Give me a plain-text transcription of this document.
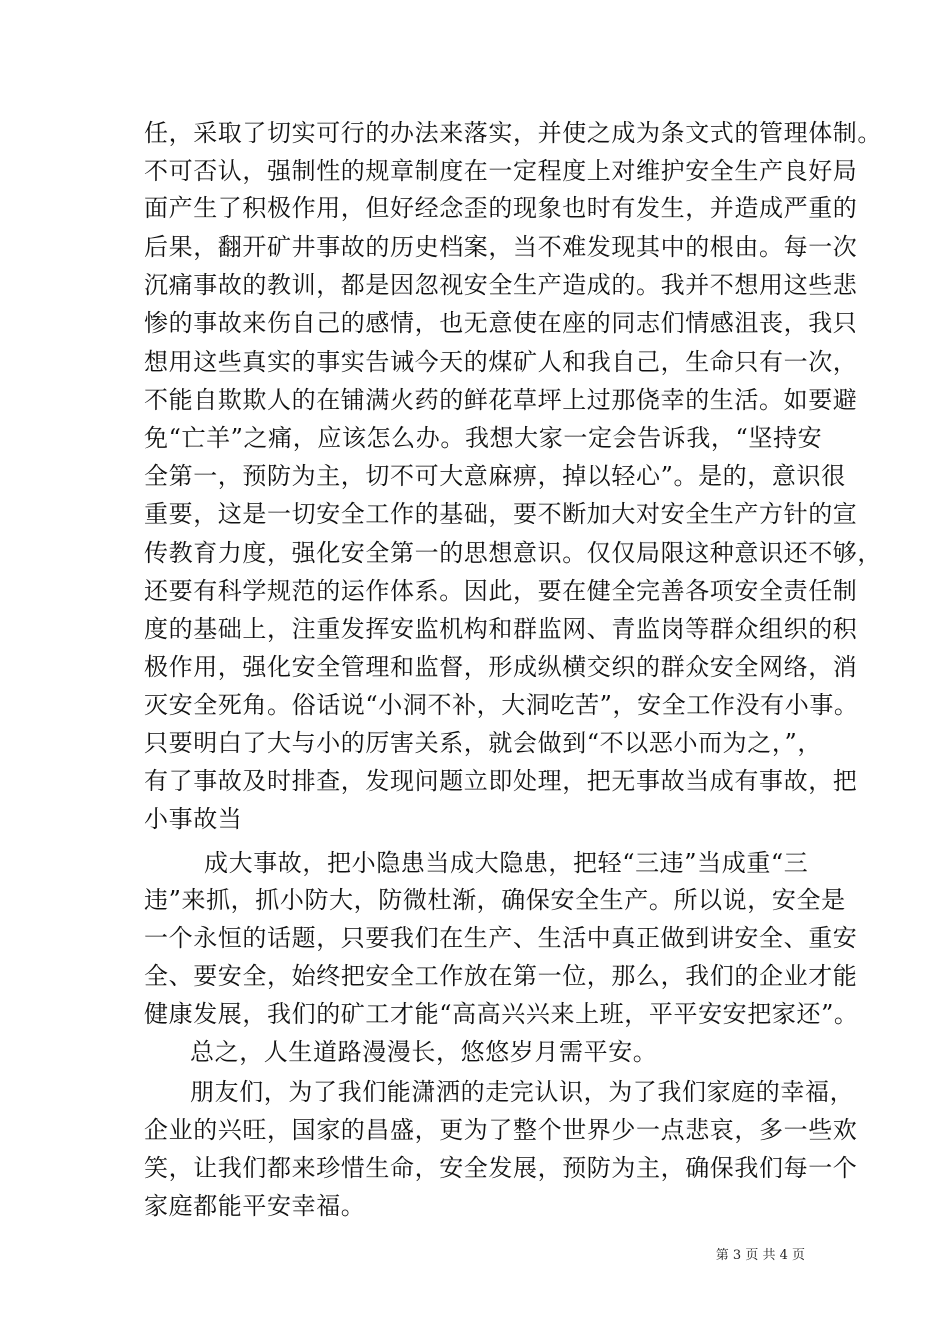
任，采取了切实可行的办法来落实，并使之成为条文式的管理体制。
不可否认，强制性的规章制度在一定程度上对维护安全生产良好局
面产生了积极作用，但好经念歪的现象也时有发生，并造成严重的
后果，翻开矿井事故的历史档案，当不难发现其中的根由。每一次
沉痛事故的教训，都是因忽视安全生产造成的。我并不想用这些悲
惨的事故来伤自己的感情，也无意使在座的同志们情感沮丧，我只
想用这些真实的事实告诫今天的煤矿人和我自己，生命只有一次，
不能自欺欺人的在铺满火药的鲜花草坪上过那侥幸的生活。如要避
免“亡羊”之痛，应该怎么办。我想大家一定会告诉我，“坚持安
全第一，预防为主，切不可大意麻痹，掉以轻心”。是的，意识很
重要，这是一切安全工作的基础，要不断加大对安全生产方针的宣
传教育力度，强化安全第一的思想意识。仅仅局限这种意识还不够，
还要有科学规范的运作体系。因此，要在健全完善各项安全责任制
度的基础上，注重发挥安监机构和群监网、青监岗等群众组织的积
极作用，强化安全管理和监督，形成纵横交织的群众安全网络，消
灭安全死角。俗话说“小洞不补，大洞吃苦”，安全工作没有小事。
只要明白了大与小的厉害关系，就会做到“不以恶小而为之，”，
有了事故及时排查，发现问题立即处理，把无事故当成有事故，把
小事故当
成大事故，把小隐患当成大隐患，把轻“三违”当成重“三
违”来抓，抓小防大，防微杜渐，确保安全生产。所以说，安全是
一个永恒的话题，只要我们在生产、生活中真正做到讲安全、重安
全、要安全，始终把安全工作放在第一位，那么，我们的企业才能
健康发展，我们的矿工才能“高高兴兴来上班，平平安安把家还”。
总之，人生道路漫漫长，悠悠岁月需平安。
朋友们，为了我们能潇洒的走完认识，为了我们家庭的幸福，
企业的兴旺，国家的昌盛，更为了整个世界少一点悲哀，多一些欢
笑，让我们都来珍惜生命，安全发展，预防为主，确保我们每一个
家庭都能平安幸福。
第 3 页 共 4 页
